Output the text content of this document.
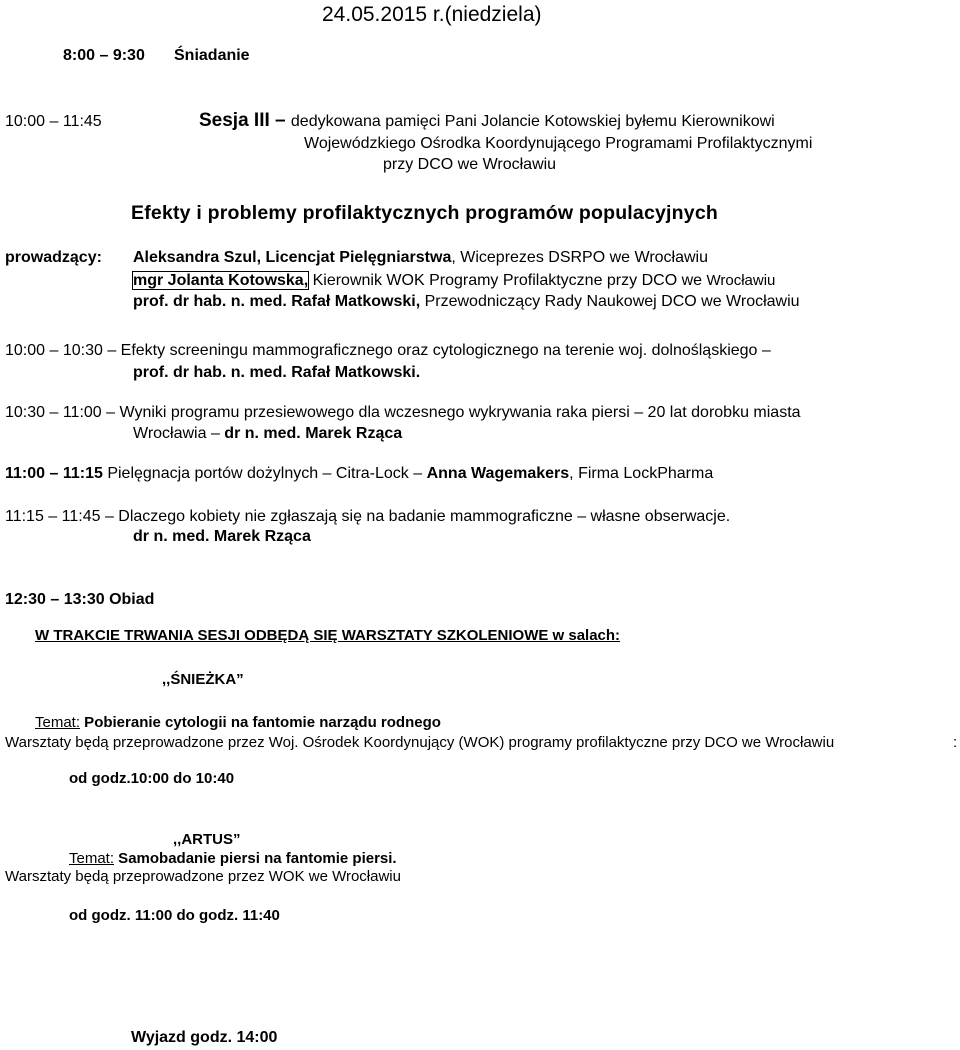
24.05.2015 r.(niedziela)
8:00 – 9:30 Śniadanie
10:00 – 11:45	Sesja III – dedykowana pamięci Pani Jolancie Kotowskiej byłemu Kierownikowi
Wojewódzkiego Ośrodka Koordynującego Programami Profilaktycznymi
przy DCO we Wrocławiu
Efekty i problemy profilaktycznych programów populacyjnych
prowadzący: Aleksandra Szul, Licencjat Pielęgniarstwa, Wiceprezes DSRPO we Wrocławiu
mgr Jolanta Kotowska, Kierownik WOK Programy Profilaktyczne przy DCO we Wrocławiu
prof. dr hab. n. med. Rafał Matkowski, Przewodniczący Rady Naukowej DCO we Wrocławiu
10:00 – 10:30 – Efekty screeningu mammograficznego oraz cytologicznego na terenie woj. dolnośląskiego –
prof. dr hab. n. med. Rafał Matkowski.
10:30 – 11:00 – Wyniki programu przesiewowego dla wczesnego wykrywania raka piersi – 20 lat dorobku miasta
Wrocławia – dr n. med. Marek Rząca
11:00 – 11:15 Pielęgnacja portów dożylnych – Citra-Lock – Anna Wagemakers, Firma LockPharma
11:15 – 11:45 – Dlaczego kobiety nie zgłaszają się na badanie mammograficzne – własne obserwacje.
dr n. med. Marek Rząca
12:30 – 13:30 Obiad
W TRAKCIE TRWANIA SESJI ODBĘDĄ SIĘ WARSZTATY SZKOLENIOWE w salach:
,,ŚNIEŻKA”
Temat: Pobieranie cytologii na fantomie narządu rodnego
Warsztaty będą przeprowadzone przez Woj. Ośrodek Koordynujący (WOK) programy profilaktyczne przy DCO we Wrocławiu	:
od godz.10:00 do 10:40
,,ARTUS”
Temat: Samobadanie piersi na fantomie piersi.
Warsztaty będą przeprowadzone przez WOK we Wrocławiu
od godz. 11:00 do godz. 11:40
Wyjazd godz. 14:00
